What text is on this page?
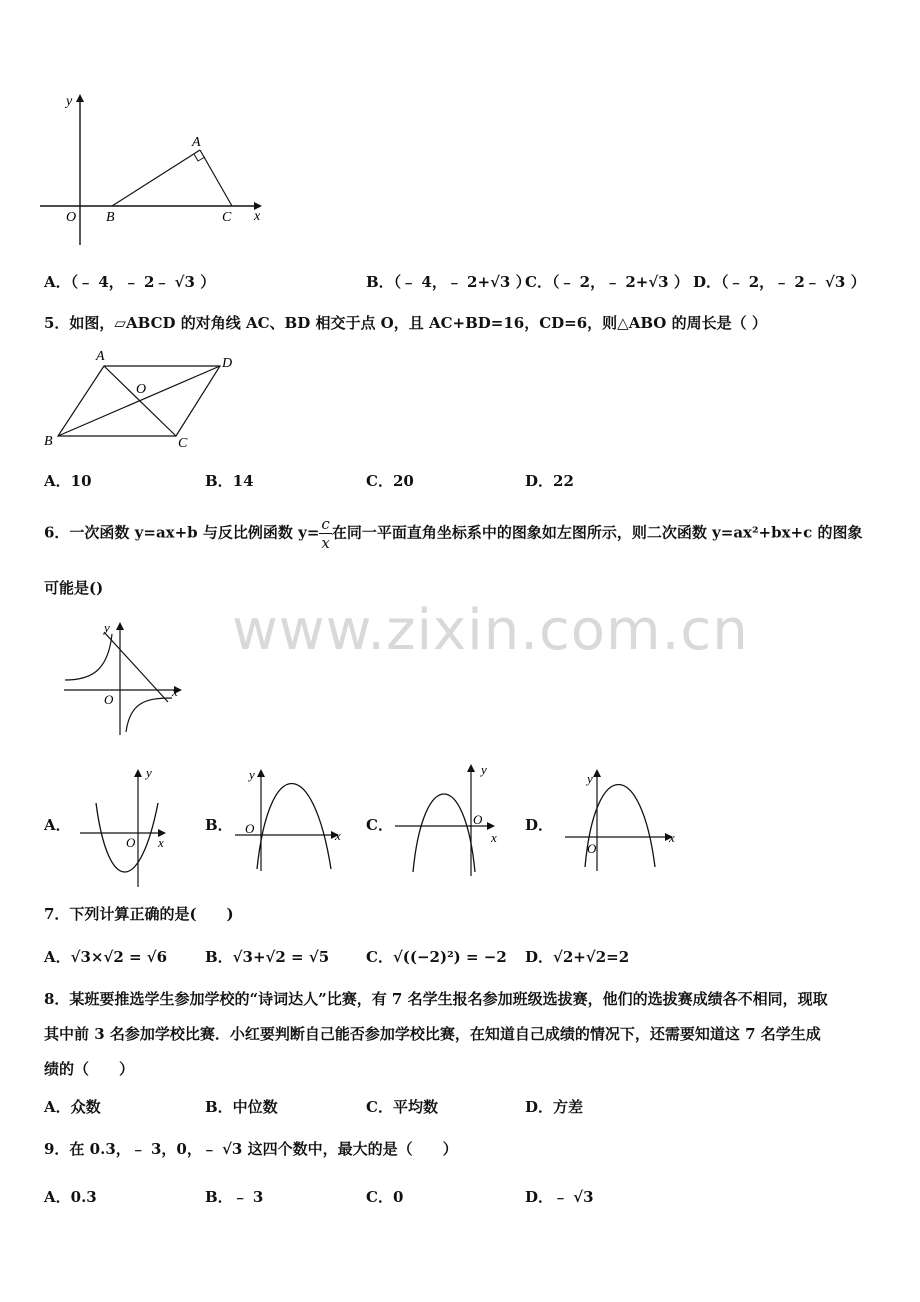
www.zixin.com.cn
y
x
O B	C
A
A．（﹣ 4，﹣ 2﹣ √3 ）	B．（﹣ 4，﹣ 2+√3 ）
C．（﹣ 2，﹣ 2+√3 ） D．（﹣ 2，﹣ 2﹣ √3 ）
5．如图，▱ABCD 的对角线 AC、BD 相交于点 O，且 AC+BD=16，CD=6，则△ABO 的周长是（ ）
A	D
O
B	C
A．10	B．14	C．20	D．22
6．一次函数 y=ax+b 与反比例函数 $y= \frac{c}{x}$ 在同一平面直角坐标系中的图象如左图所示，则二次函数 y=ax²+bx+c 的图象
可能是()
y
x
O
A．	B．	C．	D．
y
x
O
y
x
O
y
x
O
y
x
O
7．下列计算正确的是(　　)
A．√3×√2 = √6	B．√3+√2 = √5 C．√((−2)²) = −2 D．√2+√2=2
8．某班要推选学生参加学校的“诗词达人”比赛，有 7 名学生报名参加班级选拔赛，他们的选拔赛成绩各不相同，现取
其中前 3 名参加学校比赛．小红要判断自己能否参加学校比赛，在知道自己成绩的情况下，还需要知道这 7 名学生成
绩的（　　）
A．众数	B．中位数	C．平均数	D．方差
9．在 0.3，﹣ 3，0，﹣ √3 这四个数中，最大的是（　　）
A．0.3	B．﹣ 3	C．0	D．﹣ √3
